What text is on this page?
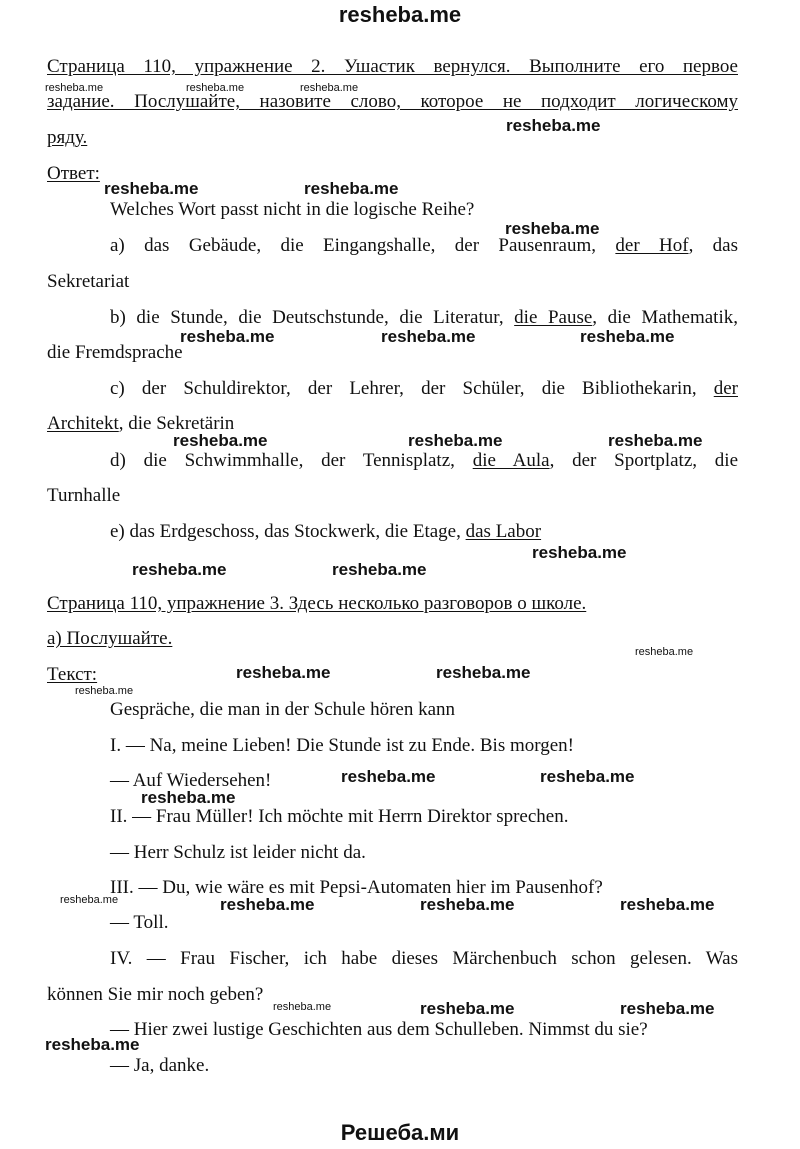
resheba.me
Решеба.ми
Страница 110, упражнение 2. Ушастик вернулся. Выполните его первое
задание. Послушайте, назовите слово, которое не подходит логическому
ряду.
Ответ:
Welches Wort passt nicht in die logische Reihe?
a) das Gebäude, die Eingangshalle, der Pausenraum, der Hof, das
Sekretariat
b) die Stunde, die Deutschstunde, die Literatur, die Pause, die Mathematik,
die Fremdsprache
c) der Schuldirektor, der Lehrer, der Schüler, die Bibliothekarin, der
Architekt, die Sekretärin
d) die Schwimmhalle, der Tennisplatz, die Aula, der Sportplatz, die
Turnhalle
e) das Erdgeschoss, das Stockwerk, die Etage, das Labor
Страница 110, упражнение 3. Здесь несколько разговоров о школе.
а) Послушайте.
Текст:
Gespräche, die man in der Schule hören kann
I. — Na, meine Lieben! Die Stunde ist zu Ende. Bis morgen!
— Auf Wiedersehen!
II. — Frau Müller! Ich möchte mit Herrn Direktor sprechen.
— Herr Schulz ist leider nicht da.
III. — Du, wie wäre es mit Pepsi-Automaten hier im Pausenhof?
— Toll.
IV. — Frau Fischer, ich habe dieses Märchenbuch schon gelesen. Was
können Sie mir noch geben?
— Hier zwei lustige Geschichten aus dem Schulleben. Nimmst du sie?
— Ja, danke.
resheba.me	resheba.me	resheba.me
resheba.me
resheba.me	resheba.me
resheba.me
resheba.me	resheba.me	resheba.me
resheba.me	resheba.me	resheba.me
resheba.me
resheba.me	resheba.me
resheba.me
resheba.me	resheba.me
resheba.me
resheba.me	resheba.me
resheba.me
resheba.me	resheba.me	resheba.me	resheba.me
resheba.me	resheba.me	resheba.me
resheba.me
